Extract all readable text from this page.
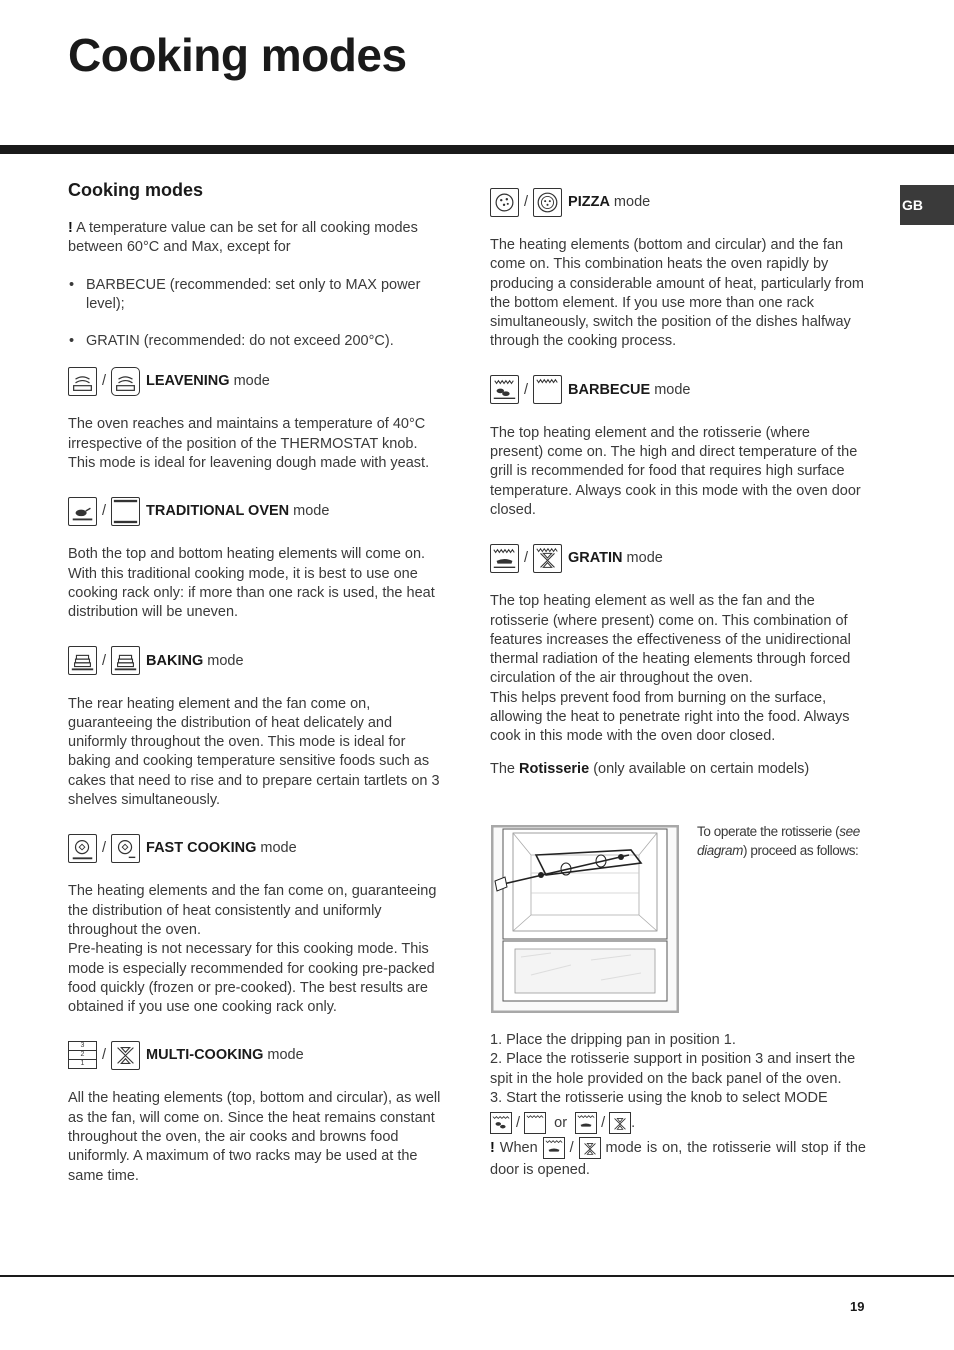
Cooking modes
GB
Cooking modes

! A temperature value can be set for all cooking modes between 60°C and Max, except for

• BARBECUE (recommended: set only to MAX power level);
• GRATIN (recommended: do not exceed 200°C).
/	LEAVENING mode

The oven reaches and maintains a temperature of 40°C irrespective of the position of the THERMOSTAT knob. This mode is ideal for leavening dough made with yeast.

/	TRADITIONAL OVEN mode

Both the top and bottom heating elements will come on. With this traditional cooking mode, it is best to use one cooking rack only: if more than one rack is used, the heat distribution will be uneven.

/	BAKING mode

The rear heating element and the fan come on, guaranteeing the distribution of heat delicately and uniformly throughout the oven. This mode is ideal for baking and cooking temperature sensitive foods such as cakes that need to rise and to prepare certain tartlets on 3 shelves simultaneously.

/	FAST COOKING mode

The heating elements and the fan come on, guaranteeing the distribution of heat consistently and uniformly throughout the oven.

Pre-heating is not necessary for this cooking mode. This mode is especially recommended for cooking pre-packed food quickly (frozen or pre-cooked). The best results are obtained if you use one cooking rack only.

3
2
1
/	MULTI-COOKING mode

All the heating elements (top, bottom and circular), as well as the fan, will come on. Since the heat remains constant throughout the oven, the air cooks and browns food uniformly. A maximum of two racks may be used at the same time.

/	PIZZA mode

The heating elements (bottom and circular) and the fan come on. This combination heats the oven rapidly by producing a considerable amount of heat, particularly from the bottom element. If you use more than one rack simultaneously, switch the position of the dishes halfway through the cooking process.

/	BARBECUE mode

The top heating element and the rotisserie (where present) come on. The high and direct temperature of the grill is recommended for food that requires high surface temperature. Always cook in this mode with the oven door closed.

/	GRATIN mode

The top heating element as well as the fan and the rotisserie (where present) come on. This combination of features increases the effectiveness of the unidirectional thermal radiation of the heating elements through forced circulation of the air throughout the oven.

This helps prevent food from burning on the surface, allowing the heat to penetrate right into the food. Always cook in this mode with the oven door closed.

The Rotisserie (only available on certain models)

To operate the rotisserie (see diagram) proceed as follows:

1. Place the dripping pan in position 1.

2. Place the rotisserie support in position 3 and insert the spit in the hole provided on the back panel of the oven.

3. Start the rotisserie using the knob to select MODE

/ or / .

! When / mode is on, the rotisserie will stop if the door is opened.

19
